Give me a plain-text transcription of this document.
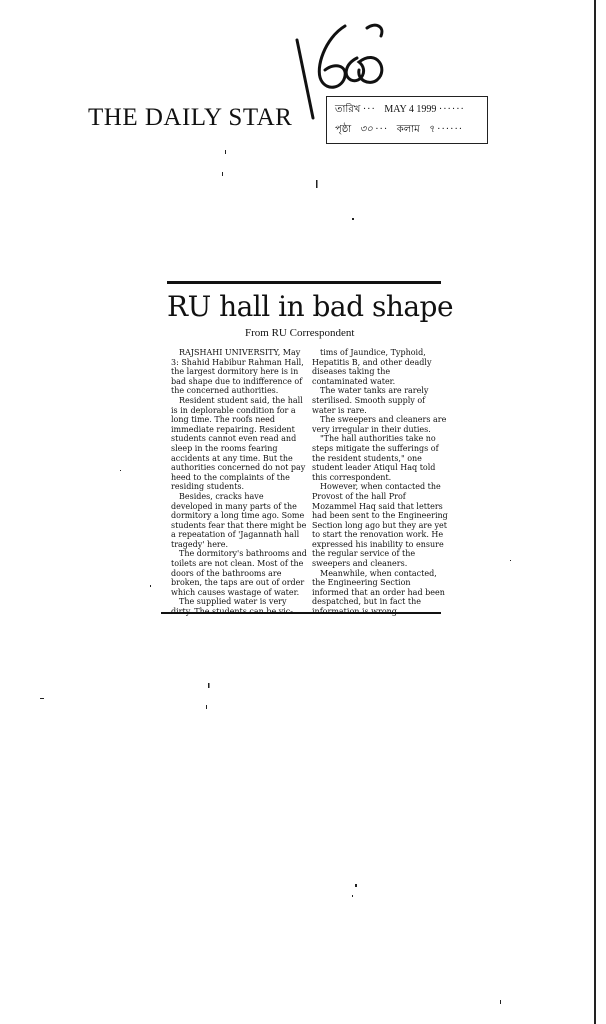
THE DAILY STAR	তারিখ ··· MAY 4 1999 ······
পৃষ্ঠা ৩০ ··· কলাম ৭ ······
RU hall in bad shape
From RU Correspondent

RAJSHAHI UNIVERSITY, May 3: Shahid Habibur Rahman Hall, the largest dormitory here is in bad shape due to indifference of the concerned authorities.

Resident student said, the hall is in deplorable condition for a long time. The roofs need immediate repairing. Resident students cannot even read and sleep in the rooms fearing accidents at any time. But the authorities concerned do not pay heed to the complaints of the residing students.

Besides, cracks have developed in many parts of the dormitory a long time ago. Some students fear that there might be a repeatation of 'Jagannath hall tragedy' here.

The dormitory's bathrooms and toilets are not clean. Most of the doors of the bathrooms are broken, the taps are out of order which causes wastage of water.

The supplied water is very

tims of Jaundice, Typhoid, Hepatitis B, and other deadly diseases taking the contaminated water.

The water tanks are rarely sterilised. Smooth supply of water is rare.

The sweepers and cleaners are very irregular in their duties.

"The hall authorities take no steps mitigate the sufferings of the resident students," one student leader Atiqul Haq told this correspondent.

However, when contacted the Provost of the hall Prof Mozammel Haq said that letters had been sent to the Engineering Section long ago but they are yet to start the renovation work. He expressed his inability to ensure the regular service of the sweepers and cleaners.

Meanwhile, when contacted, the Engineering Section informed that an order had been despatched, but in fact the
